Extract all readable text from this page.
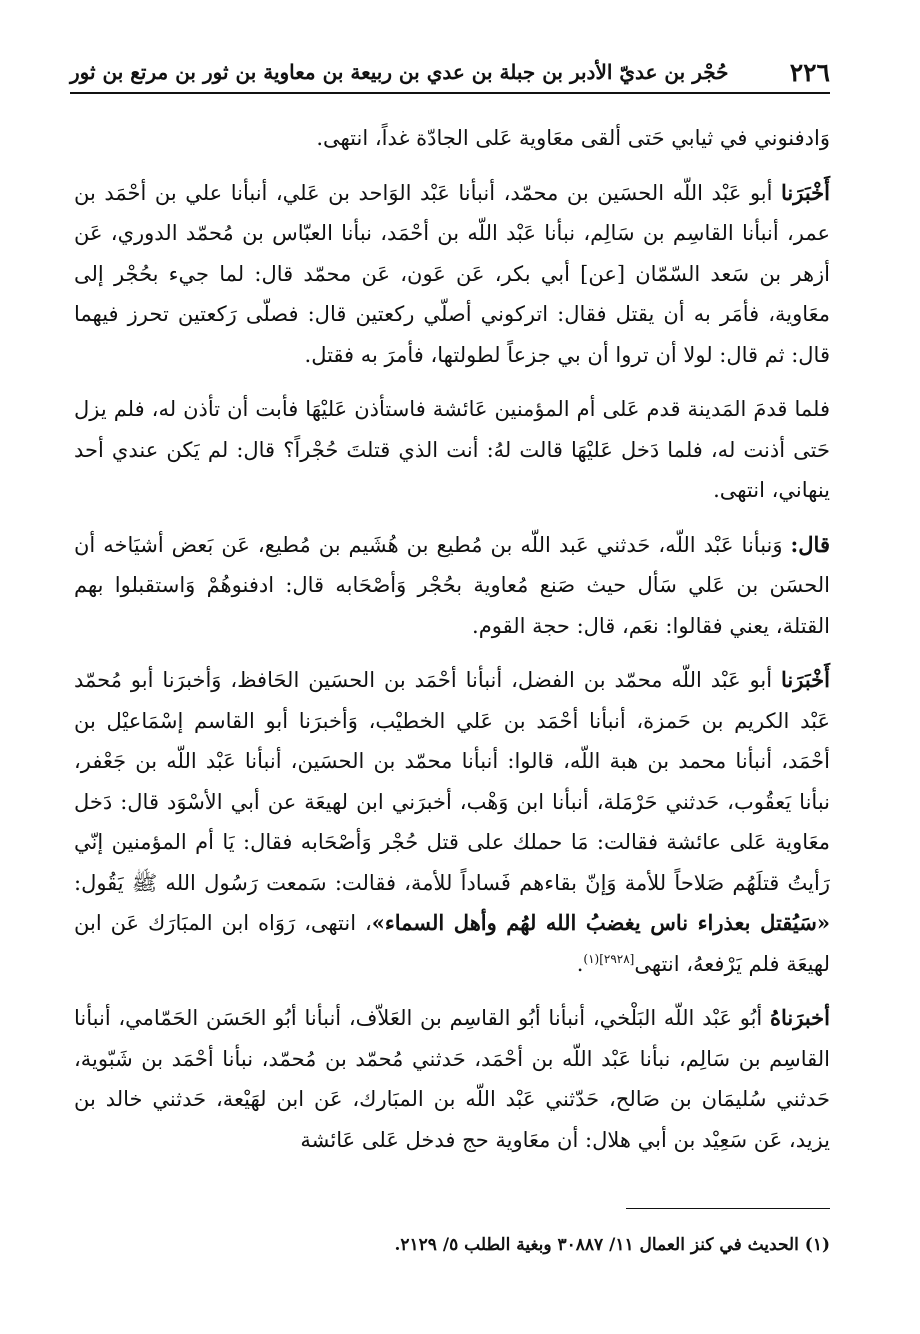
٢٢٦
حُجْر بن عديّ الأدبر بن جبلة بن عدي بن ربيعة بن معاوية بن ثور بن مرتع بن ثور

وَادفنوني في ثيابي حَتى ألقى معَاوية عَلى الجادّة غداً، انتهى.

أَخْبَرَنا أبو عَبْد اللّه الحسَين بن محمّد، أنبأنا عَبْد الوَاحد بن عَلي، أنبأنا علي بن أحْمَد بن عمر، أنبأنا القاسِم بن سَالِم، نبأنا عَبْد اللّه بن أحْمَد، نبأنا العبّاس بن مُحمّد الدوري، عَن أزهر بن سَعد السّمّان [عن] أبي بكر، عَن عَون، عَن محمّد قال: لما جيء بحُجْر إلى معَاوية، فأمَر به أن يقتل فقال: اتركوني أصلّي ركعتين قال: فصلّى رَكعتين تحرز فيهما قال: ثم قال: لولا أن تروا أن بي جزعاً لطولتها، فأمرَ به فقتل.

فلما قدمَ المَدينة قدم عَلى أم المؤمنين عَائشة فاستأذن عَليْهَا فأبت أن تأذن له، فلم يزل حَتى أذنت له، فلما دَخل عَليْهَا قالت لهُ: أنت الذي قتلتَ حُجْراً؟ قال: لم يَكن عندي أحد ينهاني، انتهى.

قال: وَنبأنا عَبْد اللّه، حَدثني عَبد اللّه بن مُطيع بن هُشَيم بن مُطيع، عَن بَعض أشيَاخه أن الحسَن بن عَلي سَأل حيث صَنع مُعاوية بحُجْر وَأصْحَابه قال: ادفنوهُمْ وَاستقبلوا بهم القتلة، يعني فقالوا: نعَم، قال: حجة القوم.

أَخْبَرَنا أبو عَبْد اللّه محمّد بن الفضل، أنبأنا أحْمَد بن الحسَين الحَافظ، وَأخبرَنا أبو مُحمّد عَبْد الكريم بن حَمزة، أنبأنا أحْمَد بن عَلي الخطيْب، وَأخبرَنا أبو القاسم إسْمَاعيْل بن أحْمَد، أنبأنا محمد بن هبة اللّه، قالوا: أنبأنا محمّد بن الحسَين، أنبأنا عَبْد اللّه بن جَعْفر، نبأنا يَعقُوب، حَدثني حَرْمَلة، أنبأنا ابن وَهْب، أخبرَني ابن لهيعَة عن أبي الأسْوَد قال: دَخل معَاوية عَلى عائشة فقالت: مَا حملك على قتل حُجْر وَأصْحَابه فقال: يَا أم المؤمنين إنّي رَأيتُ قتلَهُم صَلاحاً للأمة وَإنّ بقاءهم فَساداً للأمة، فقالت: سَمعت رَسُول الله ﷺ يَقُول: «سَيُقتل بعذراء ناس يغضبُ الله لهُم وأهل السماء»، انتهى، رَوَاه ابن المبَارَك عَن ابن لهيعَة فلم يَرْفعهُ، انتهى$^{[٢٩٢٨](١)}$.

أخبرَناهُ أبُو عَبْد اللّه البَلْخي، أنبأنا أبُو القاسِم بن العَلاّف، أنبأنا أبُو الحَسَن الحَمّامي، أنبأنا القاسِم بن سَالِم، نبأنا عَبْد اللّه بن أحْمَد، حَدثني مُحمّد بن مُحمّد، نبأنا أحْمَد بن شَبّوية، حَدثني سُليمَان بن صَالح، حَدّثني عَبْد اللّه بن المبَارك، عَن ابن لهَيْعة، حَدثني خالد بن يزيد، عَن سَعِيْد بن أبي هلال: أن معَاوية حج فدخل عَلى عَائشة

(١) الحديث في كنز العمال ١١/ ٣٠٨٨٧ وبغية الطلب ٥/ ٢١٢٩.
